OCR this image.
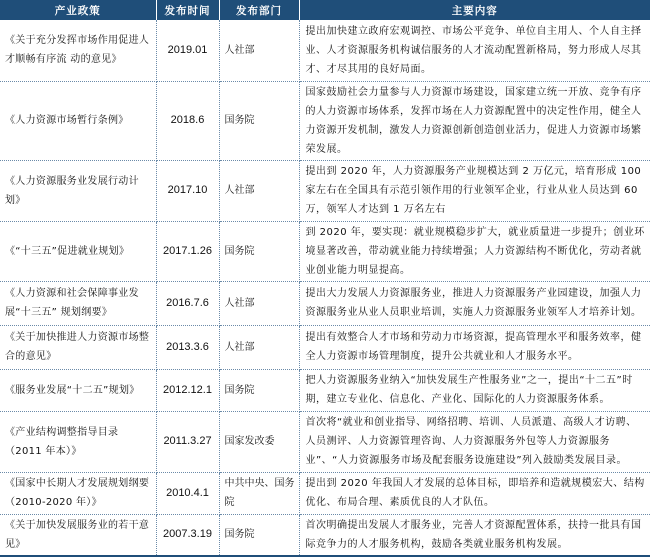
产业政策	发布时间	发布部门	主要内容
《关于充分发挥市场作用促进人才顺畅有序流 动的意见》	2019.01	人社部	提出加快建立政府宏观调控、市场公平竞争、单位自主用人、个人自主择业、人才资源服务机构诚信服务的人才流动配置新格局，努力形成人尽其才、才尽其用的良好局面。
《人力资源市场暂行条例》	2018.6	国务院	国家鼓励社会力量参与人力资源市场建设，国家建立统一开放、竞争有序的人力资源市场体系，发挥市场在人力资源配置中的决定性作用，健全人力资源开发机制，激发人力资源创新创造创业活力，促进人力资源市场繁荣发展。
《人力资源服务业发展行动计划》	2017.10	人社部	提出到 2020 年，人力资源服务产业规模达到 2 万亿元，培育形成 100 家左右在全国具有示范引领作用的行业领军企业，行业从业人员达到 60 万，领军人才达到 1 万名左右
《“十三五”促进就业规划》	2017.1.26	国务院	到 2020 年，要实现：就业规模稳步扩大，就业质量进一步提升；创业环境显著改善，带动就业能力持续增强；人力资源结构不断优化，劳动者就业创业能力明显提高。
《人力资源和社会保障事业发展“十三五” 规划纲要》	2016.7.6	人社部	提出大力发展人力资源服务业，推进人力资源服务产业园建设，加强人力资源服务业从业人员职业培训，实施人力资源服务业领军人才培养计划。
《关于加快推进人力资源市场整合的意见》	2013.3.6	人社部	提出有效整合人才市场和劳动力市场资源，提高管理水平和服务效率，健全人力资源市场管理制度，提升公共就业和人才服务水平。
《服务业发展“十二五”规划》	2012.12.1	国务院	把人力资源服务业纳入“加快发展生产性服务业”之一，提出“十二五”时期，建立专业化、信息化、产业化、国际化的人力资源服务体系。
《产业结构调整指导目录（2011 年本）》	2011.3.27	国家发改委	首次将“就业和创业指导、网络招聘、培训、人员派遣、高级人才访聘、人员测评、人力资源管理咨询、人力资源服务外包等人力资源服务业”、“人力资源服务市场及配套服务设施建设”列入鼓励类发展目录。
《国家中长期人才发展规划纲要（2010-2020 年）》	2010.4.1	中共中央、国务院	提出到 2020 年我国人才发展的总体目标，即培养和造就规模宏大、结构优化、布局合理、素质优良的人才队伍。
《关于加快发展服务业的若干意见》	2007.3.19	国务院	首次明确提出发展人才服务业，完善人才资源配置体系，扶持一批具有国际竞争力的人才服务机构，鼓励各类就业服务机构发展。
